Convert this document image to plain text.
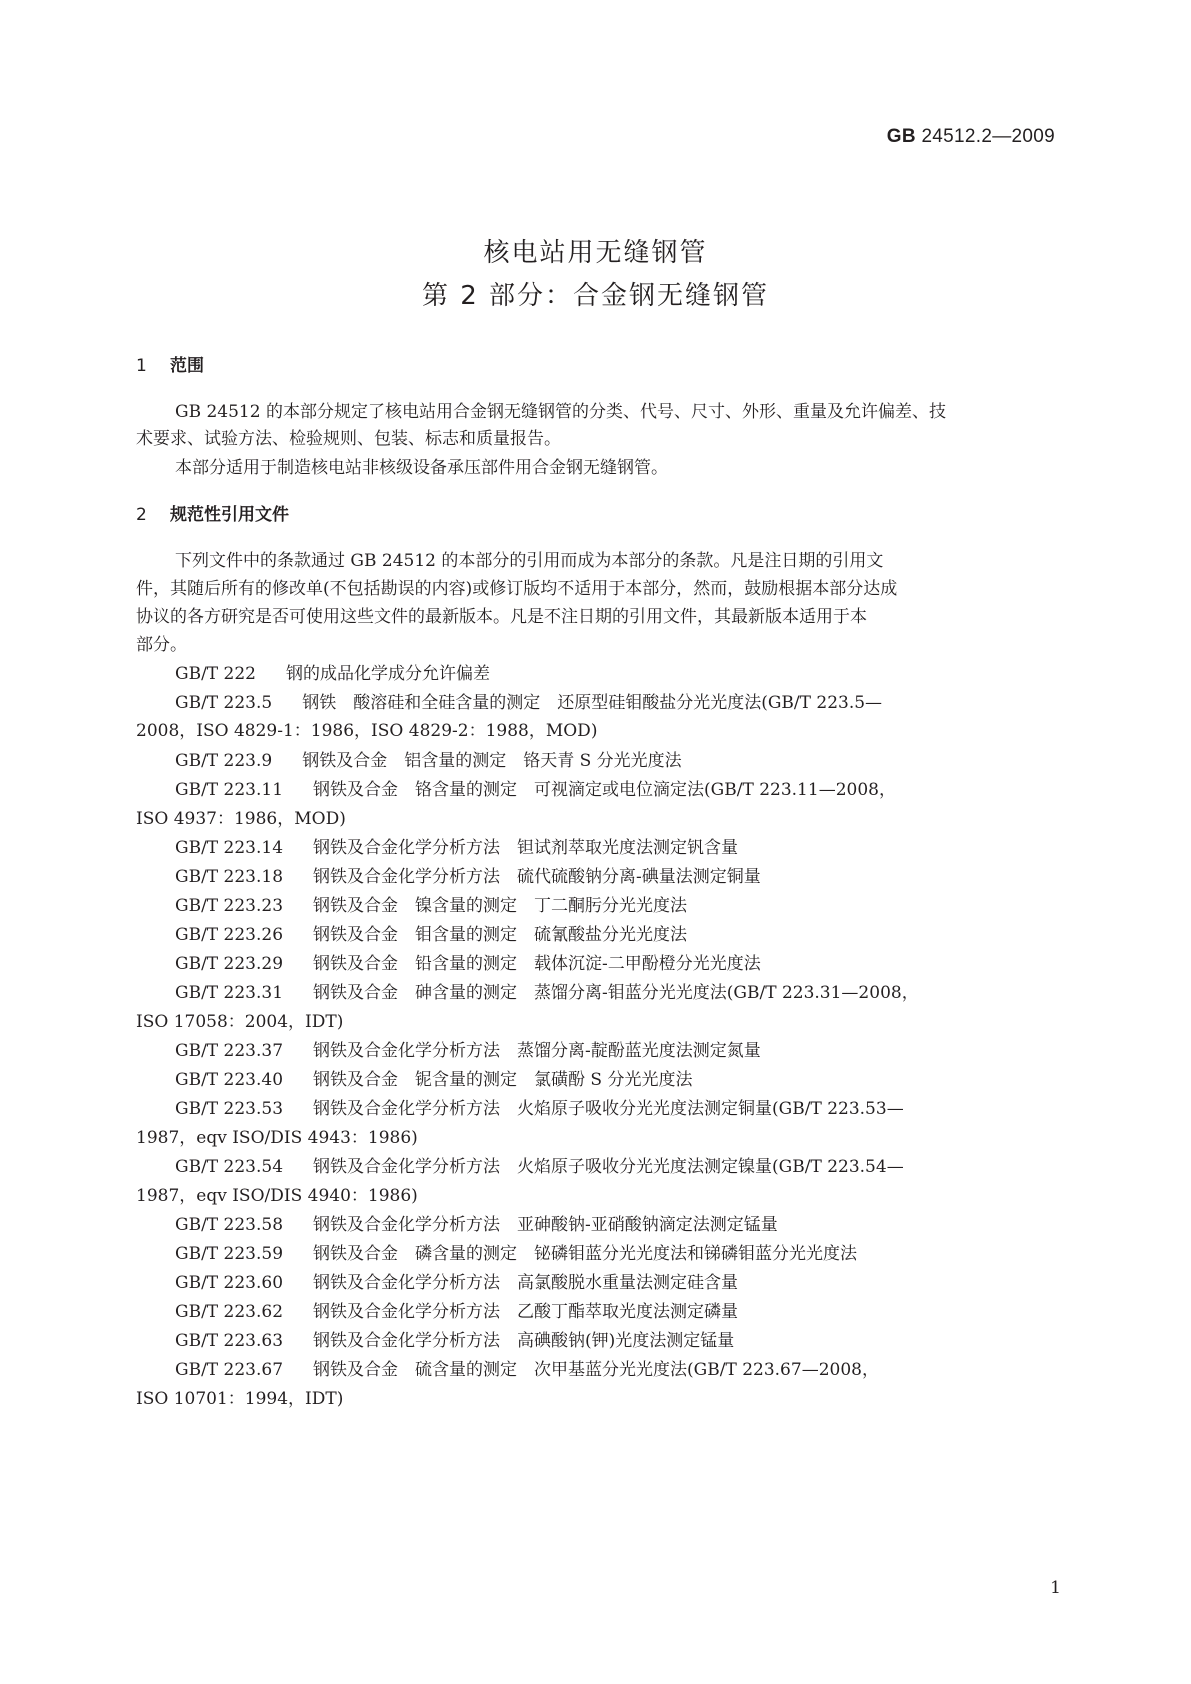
GB 24512.2—2009
核电站用无缝钢管
第 2 部分：合金钢无缝钢管
1 范围
GB 24512 的本部分规定了核电站用合金钢无缝钢管的分类、代号、尺寸、外形、重量及允许偏差、技
术要求、试验方法、检验规则、包装、标志和质量报告。
本部分适用于制造核电站非核级设备承压部件用合金钢无缝钢管。
2 规范性引用文件
下列文件中的条款通过 GB 24512 的本部分的引用而成为本部分的条款。凡是注日期的引用文
件，其随后所有的修改单(不包括勘误的内容)或修订版均不适用于本部分，然而，鼓励根据本部分达成
协议的各方研究是否可使用这些文件的最新版本。凡是不注日期的引用文件，其最新版本适用于本
部分。
GB/T 222 钢的成品化学成分允许偏差
GB/T 223.5 钢铁　酸溶硅和全硅含量的测定　还原型硅钼酸盐分光光度法(GB/T 223.5—
2008，ISO 4829-1：1986，ISO 4829-2：1988，MOD)
GB/T 223.9 钢铁及合金　铝含量的测定　铬天青 S 分光光度法
GB/T 223.11 钢铁及合金　铬含量的测定　可视滴定或电位滴定法(GB/T 223.11—2008，
ISO 4937：1986，MOD)
GB/T 223.14 钢铁及合金化学分析方法　钽试剂萃取光度法测定钒含量
GB/T 223.18 钢铁及合金化学分析方法　硫代硫酸钠分离-碘量法测定铜量
GB/T 223.23 钢铁及合金　镍含量的测定　丁二酮肟分光光度法
GB/T 223.26 钢铁及合金　钼含量的测定　硫氰酸盐分光光度法
GB/T 223.29 钢铁及合金　铅含量的测定　载体沉淀-二甲酚橙分光光度法
GB/T 223.31 钢铁及合金　砷含量的测定　蒸馏分离-钼蓝分光光度法(GB/T 223.31—2008，
ISO 17058：2004，IDT)
GB/T 223.37 钢铁及合金化学分析方法　蒸馏分离-靛酚蓝光度法测定氮量
GB/T 223.40 钢铁及合金　铌含量的测定　氯磺酚 S 分光光度法
GB/T 223.53 钢铁及合金化学分析方法　火焰原子吸收分光光度法测定铜量(GB/T 223.53—
1987，eqv ISO/DIS 4943：1986)
GB/T 223.54 钢铁及合金化学分析方法　火焰原子吸收分光光度法测定镍量(GB/T 223.54—
1987，eqv ISO/DIS 4940：1986)
GB/T 223.58 钢铁及合金化学分析方法　亚砷酸钠-亚硝酸钠滴定法测定锰量
GB/T 223.59 钢铁及合金　磷含量的测定　铋磷钼蓝分光光度法和锑磷钼蓝分光光度法
GB/T 223.60 钢铁及合金化学分析方法　高氯酸脱水重量法测定硅含量
GB/T 223.62 钢铁及合金化学分析方法　乙酸丁酯萃取光度法测定磷量
GB/T 223.63 钢铁及合金化学分析方法　高碘酸钠(钾)光度法测定锰量
GB/T 223.67 钢铁及合金　硫含量的测定　次甲基蓝分光光度法(GB/T 223.67—2008，
ISO 10701：1994，IDT)
1
